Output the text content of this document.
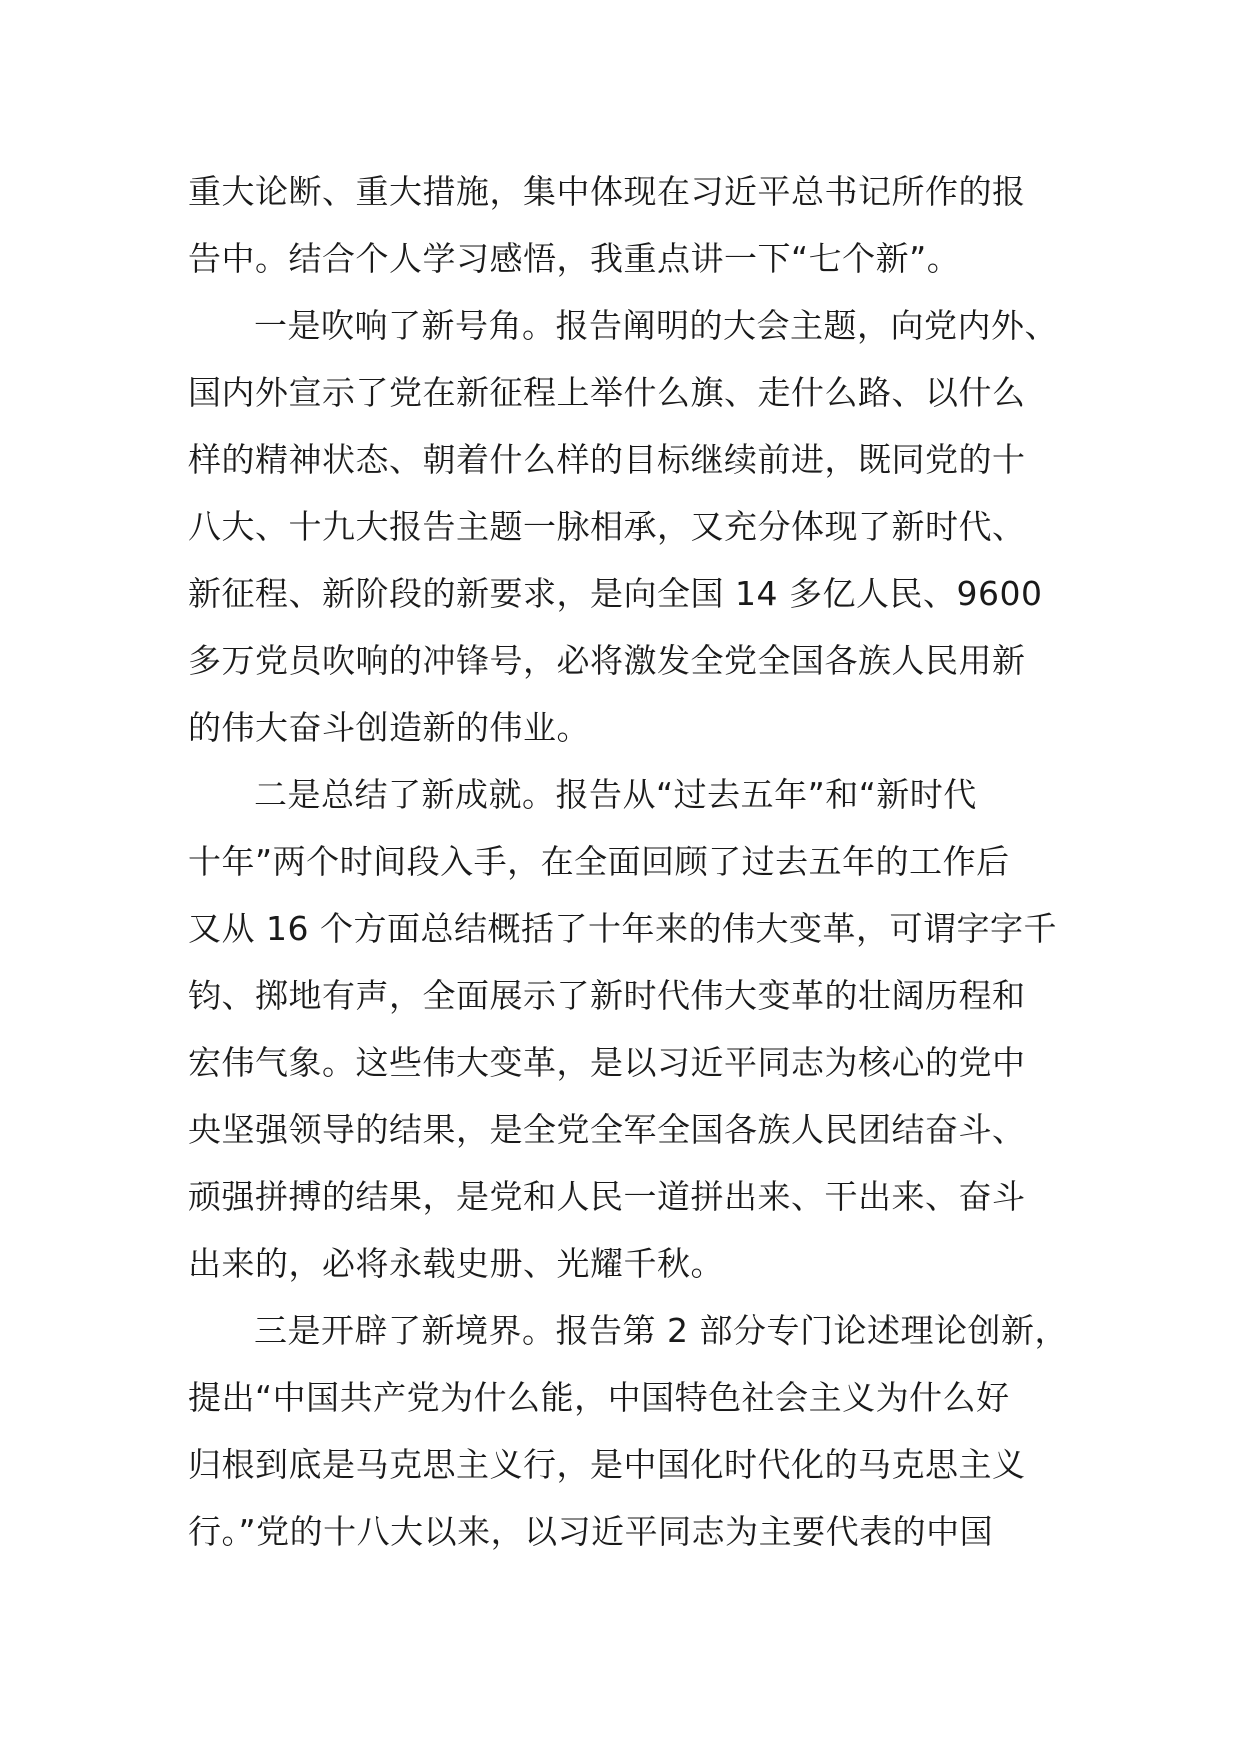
重大论断、重大措施，集中体现在习近平总书记所作的报
告中。结合个人学习感悟，我重点讲一下“七个新”。
一是吹响了新号角。报告阐明的大会主题，向党内外、
国内外宣示了党在新征程上举什么旗、走什么路、以什么
样的精神状态、朝着什么样的目标继续前进，既同党的十
八大、十九大报告主题一脉相承，又充分体现了新时代、
新征程、新阶段的新要求，是向全国 14 多亿人民、9600
多万党员吹响的冲锋号，必将激发全党全国各族人民用新
的伟大奋斗创造新的伟业。
二是总结了新成就。报告从“过去五年”和“新时代
十年”两个时间段入手，在全面回顾了过去五年的工作后
又从 16 个方面总结概括了十年来的伟大变革，可谓字字千
钧、掷地有声，全面展示了新时代伟大变革的壮阔历程和
宏伟气象。这些伟大变革，是以习近平同志为核心的党中
央坚强领导的结果，是全党全军全国各族人民团结奋斗、
顽强拼搏的结果，是党和人民一道拼出来、干出来、奋斗
出来的，必将永载史册、光耀千秋。
三是开辟了新境界。报告第 2 部分专门论述理论创新，
提出“中国共产党为什么能，中国特色社会主义为什么好
归根到底是马克思主义行，是中国化时代化的马克思主义
行。”党的十八大以来，以习近平同志为主要代表的中国
